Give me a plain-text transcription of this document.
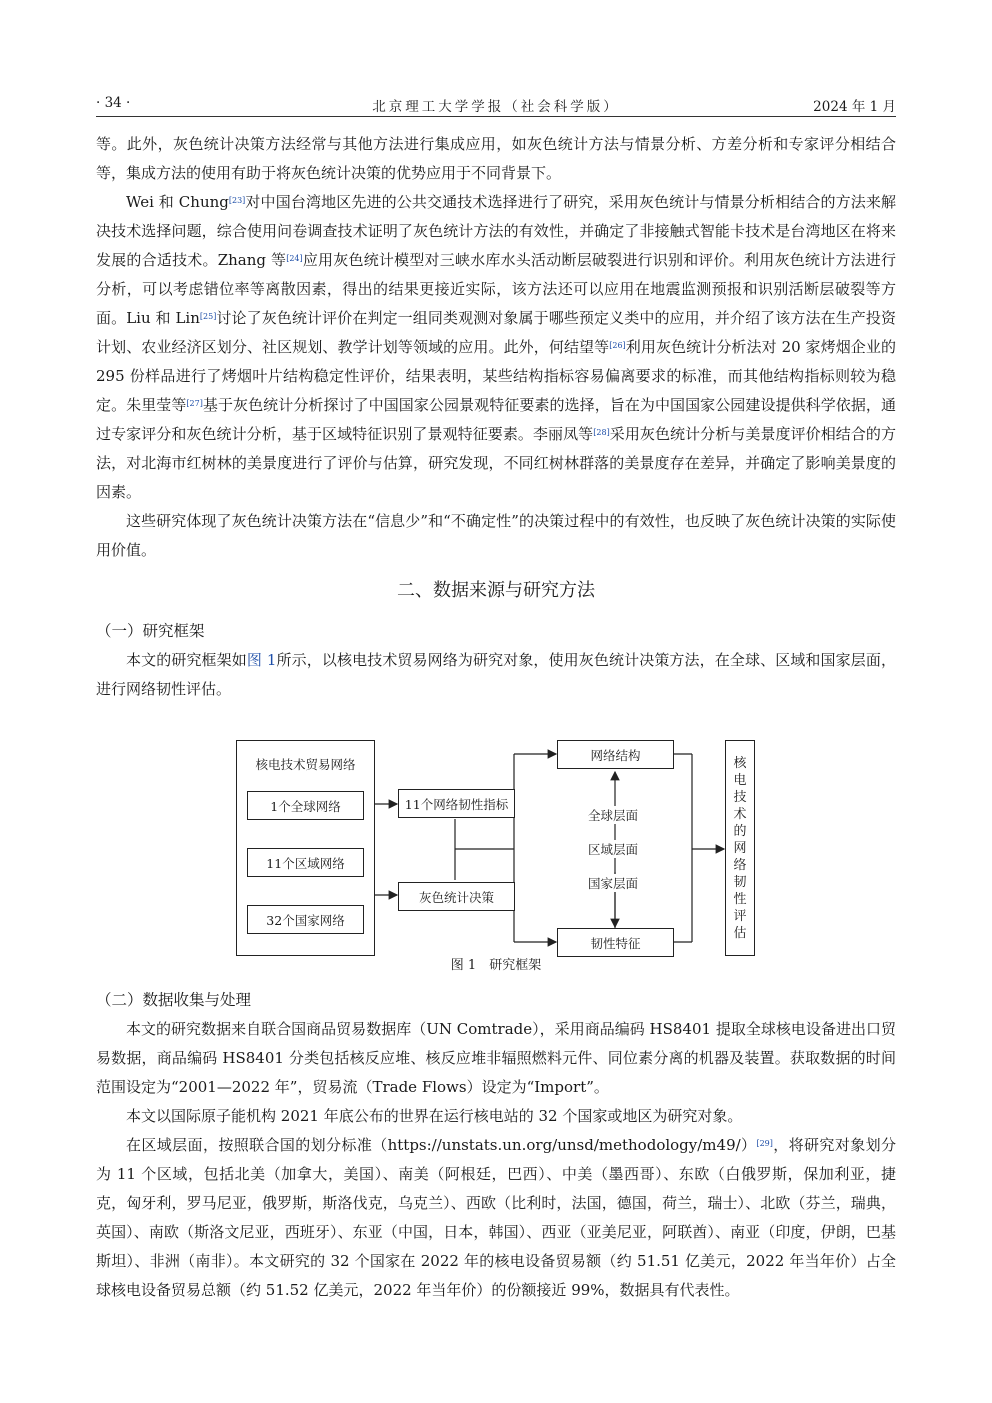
· 34 ·	北京理工大学学报（社会科学版）	2024 年 1 月

等。此外，灰色统计决策方法经常与其他方法进行集成应用，如灰色统计方法与情景分析、方差分析和专家评分相结合等，集成方法的使用有助于将灰色统计决策的优势应用于不同背景下。

Wei 和 Chung[23]对中国台湾地区先进的公共交通技术选择进行了研究，采用灰色统计与情景分析相结合的方法来解决技术选择问题，综合使用问卷调查技术证明了灰色统计方法的有效性，并确定了非接触式智能卡技术是台湾地区在将来发展的合适技术。Zhang 等[24]应用灰色统计模型对三峡水库水头活动断层破裂进行识别和评价。利用灰色统计方法进行分析，可以考虑错位率等离散因素，得出的结果更接近实际，该方法还可以应用在地震监测预报和识别活断层破裂等方面。Liu 和 Lin[25]讨论了灰色统计评价在判定一组同类观测对象属于哪些预定义类中的应用，并介绍了该方法在生产投资计划、农业经济区划分、社区规划、教学计划等领域的应用。此外，何结望等[26]利用灰色统计分析法对 20 家烤烟企业的 295 份样品进行了烤烟叶片结构稳定性评价，结果表明，某些结构指标容易偏离要求的标准，而其他结构指标则较为稳定。朱里莹等[27]基于灰色统计分析探讨了中国国家公园景观特征要素的选择，旨在为中国国家公园建设提供科学依据，通过专家评分和灰色统计分析，基于区域特征识别了景观特征要素。李丽凤等[28]采用灰色统计分析与美景度评价相结合的方法，对北海市红树林的美景度进行了评价与估算，研究发现，不同红树林群落的美景度存在差异，并确定了影响美景度的因素。

这些研究体现了灰色统计决策方法在“信息少”和“不确定性”的决策过程中的有效性，也反映了灰色统计决策的实际使用价值。

二、数据来源与研究方法
（一）研究框架

本文的研究框架如图 1所示，以核电技术贸易网络为研究对象，使用灰色统计决策方法，在全球、区域和国家层面，进行网络韧性评估。

核电技术贸易网络
1个全球网络
11个区域网络
32个国家网络
11个网络韧性指标
灰色统计决策
网络结构
韧性特征
全球层面
区域层面
国家层面
核
电
技
术
的
网
络
韧
性
评
估
图 1　研究框架
（二）数据收集与处理

本文的研究数据来自联合国商品贸易数据库（UN Comtrade），采用商品编码 HS8401 提取全球核电设备进出口贸易数据，商品编码 HS8401 分类包括核反应堆、核反应堆非辐照燃料元件、同位素分离的机器及装置。获取数据的时间范围设定为“2001—2022 年”，贸易流（Trade Flows）设定为“Import”。

本文以国际原子能机构 2021 年底公布的世界在运行核电站的 32 个国家或地区为研究对象。

在区域层面，按照联合国的划分标准（https://unstats.un.org/unsd/methodology/m49/）[29]，将研究对象划分为 11 个区域，包括北美（加拿大，美国）、南美（阿根廷，巴西）、中美（墨西哥）、东欧（白俄罗斯，保加利亚，捷克，匈牙利，罗马尼亚，俄罗斯，斯洛伐克，乌克兰）、西欧（比利时，法国，德国，荷兰，瑞士）、北欧（芬兰，瑞典，英国）、南欧（斯洛文尼亚，西班牙）、东亚（中国，日本，韩国）、西亚（亚美尼亚，阿联酋）、南亚（印度，伊朗，巴基斯坦）、非洲（南非）。本文研究的 32 个国家在 2022 年的核电设备贸易额（约 51.51 亿美元，2022 年当年价）占全球核电设备贸易总额（约 51.52 亿美元，2022 年当年价）的份额接近 99%，数据具有代表性。
